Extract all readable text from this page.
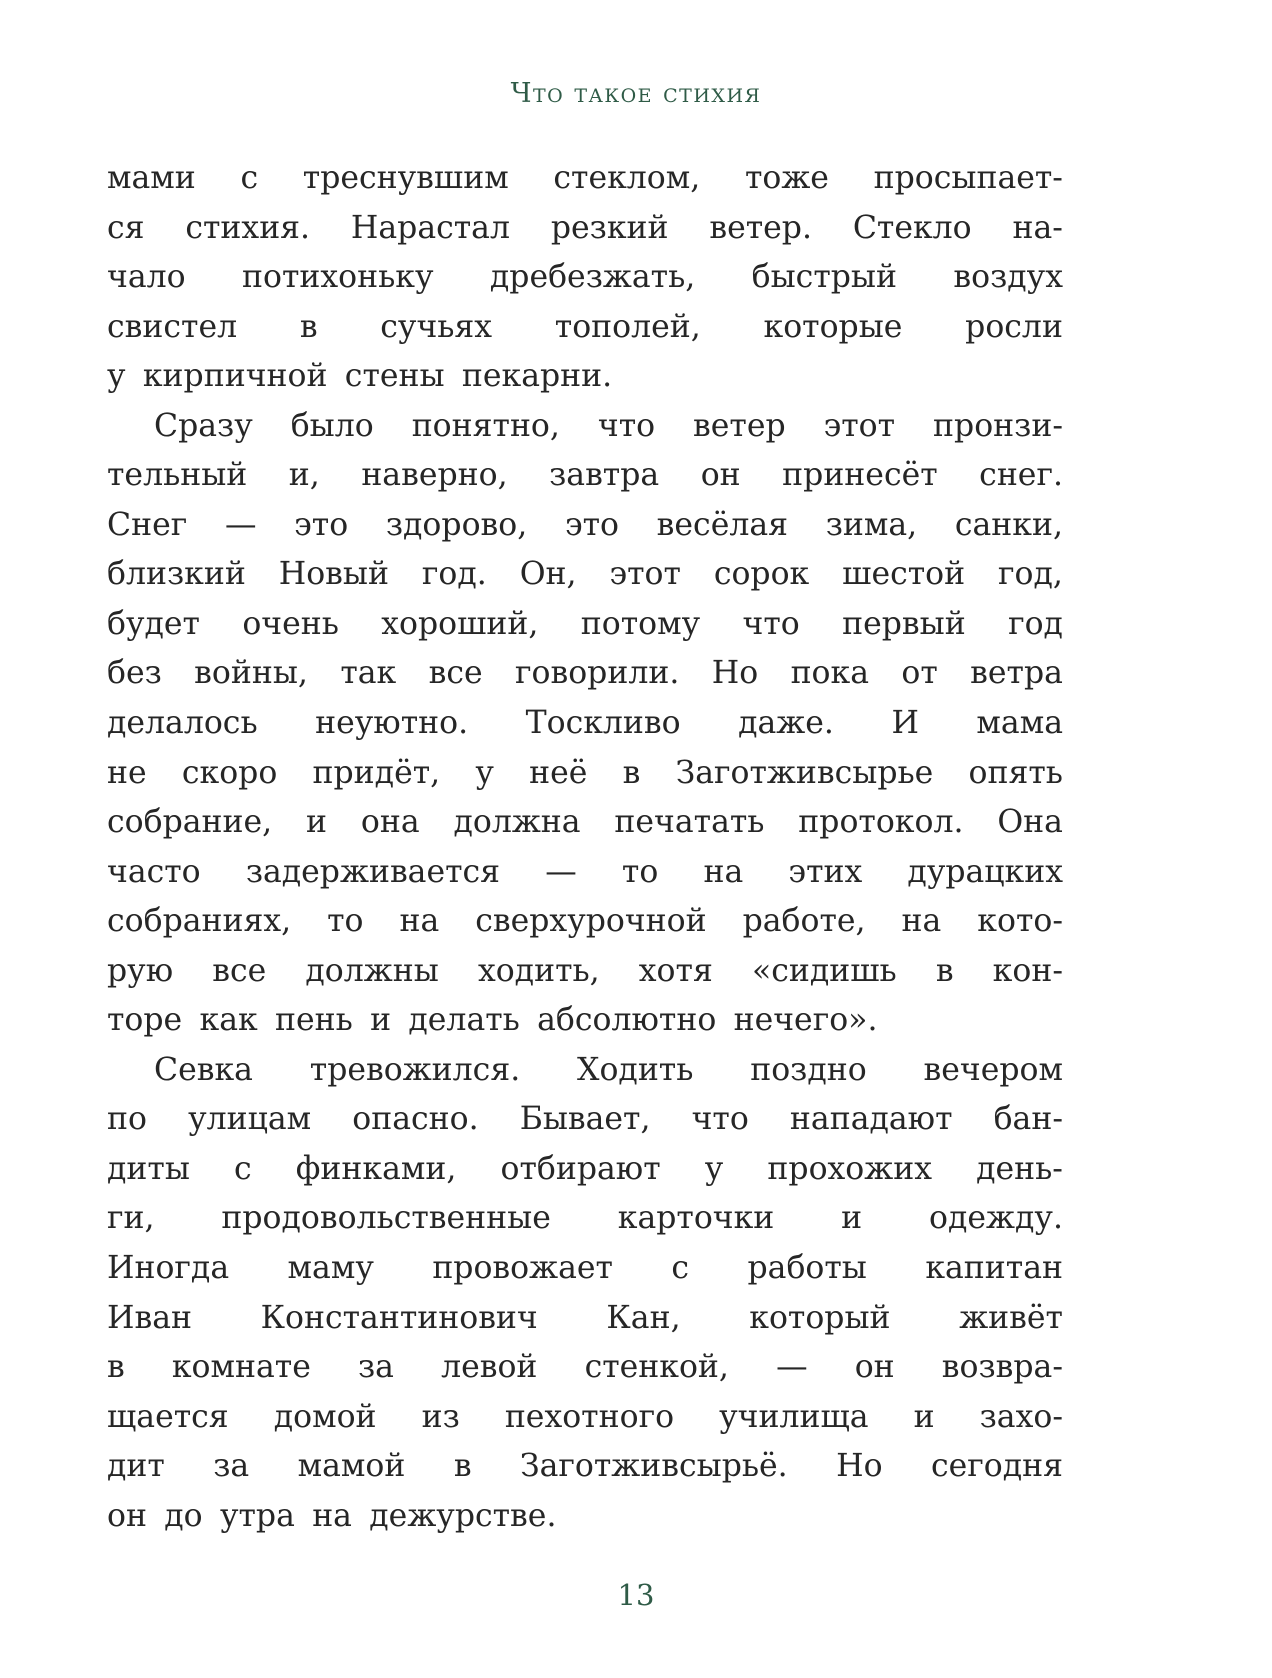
Что такое стихия
мами с треснувшим стеклом, тоже просыпает-
ся стихия. Нарастал резкий ветер. Стекло на-
чало потихоньку дребезжать, быстрый воздух
свистел в сучьях тополей, которые росли
у кирпичной стены пекарни.
Сразу было понятно, что ветер этот пронзи-
тельный и, наверно, завтра он принесёт снег.
Снег — это здорово, это весёлая зима, санки,
близкий Новый год. Он, этот сорок шестой год,
будет очень хороший, потому что первый год
без войны, так все говорили. Но пока от ветра
делалось неуютно. Тоскливо даже. И мама
не скоро придёт, у неё в Заготживсырье опять
собрание, и она должна печатать протокол. Она
часто задерживается — то на этих дурацких
собраниях, то на сверхурочной работе, на кото-
рую все должны ходить, хотя «сидишь в кон-
торе как пень и делать абсолютно нечего».
Севка тревожился. Ходить поздно вечером
по улицам опасно. Бывает, что нападают бан-
диты с финками, отбирают у прохожих день-
ги, продовольственные карточки и одежду.
Иногда маму провожает с работы капитан
Иван Константинович Кан, который живёт
в комнате за левой стенкой, — он возвра-
щается домой из пехотного училища и захо-
дит за мамой в Заготживсырьё. Но сегодня
он до утра на дежурстве.
13
